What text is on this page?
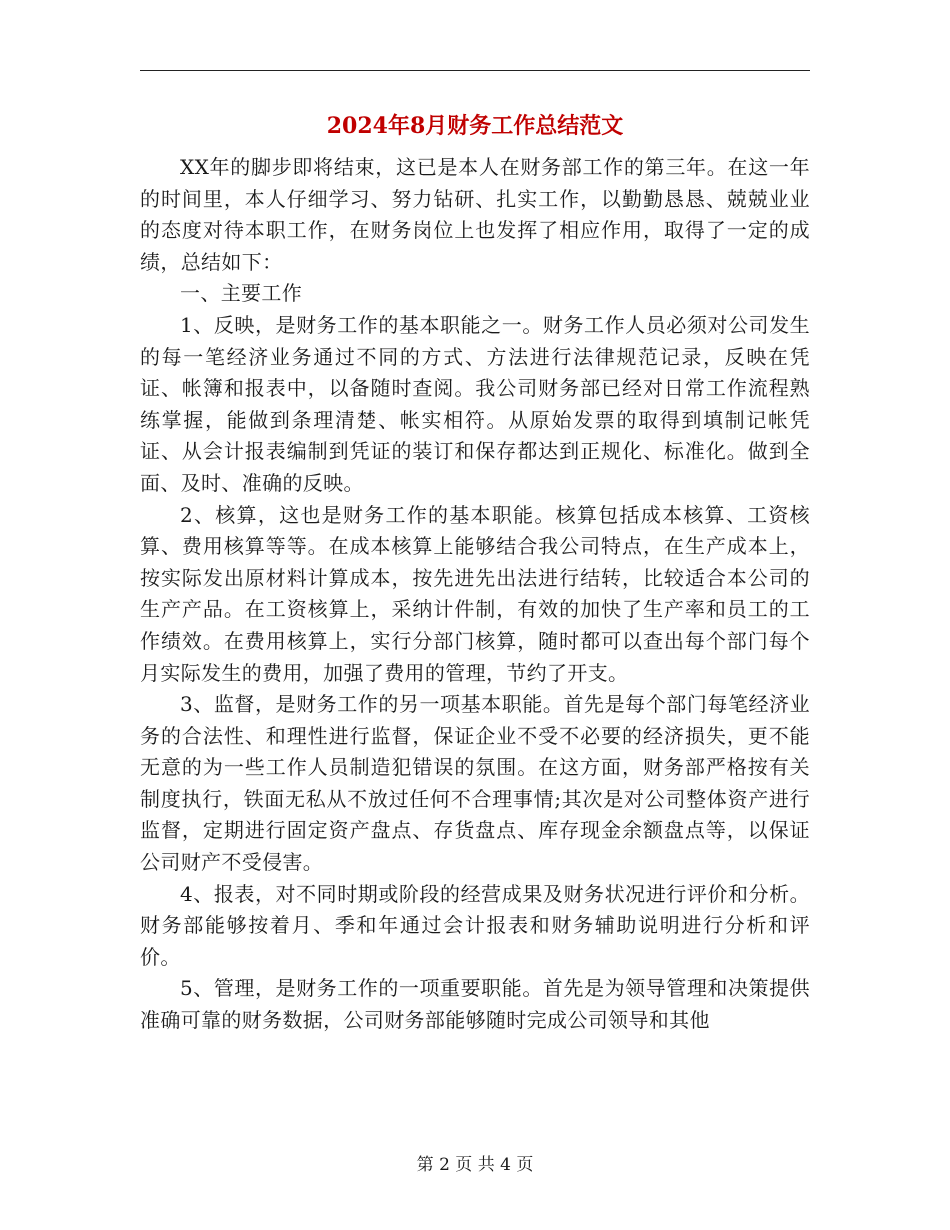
2024年8月财务工作总结范文

XX年的脚步即将结束，这已是本人在财务部工作的第三年。在这一年的时间里，本人仔细学习、努力钻研、扎实工作，以勤勤恳恳、兢兢业业的态度对待本职工作，在财务岗位上也发挥了相应作用，取得了一定的成绩，总结如下：

一、主要工作

1、反映，是财务工作的基本职能之一。财务工作人员必须对公司发生的每一笔经济业务通过不同的方式、方法进行法律规范记录，反映在凭证、帐簿和报表中，以备随时查阅。我公司财务部已经对日常工作流程熟练掌握，能做到条理清楚、帐实相符。从原始发票的取得到填制记帐凭证、从会计报表编制到凭证的装订和保存都达到正规化、标准化。做到全面、及时、准确的反映。

2、核算，这也是财务工作的基本职能。核算包括成本核算、工资核算、费用核算等等。在成本核算上能够结合我公司特点，在生产成本上，按实际发出原材料计算成本，按先进先出法进行结转，比较适合本公司的生产产品。在工资核算上，采纳计件制，有效的加快了生产率和员工的工作绩效。在费用核算上，实行分部门核算，随时都可以查出每个部门每个月实际发生的费用，加强了费用的管理，节约了开支。

3、监督，是财务工作的另一项基本职能。首先是每个部门每笔经济业务的合法性、和理性进行监督，保证企业不受不必要的经济损失，更不能无意的为一些工作人员制造犯错误的氛围。在这方面，财务部严格按有关制度执行，铁面无私从不放过任何不合理事情;其次是对公司整体资产进行监督，定期进行固定资产盘点、存货盘点、库存现金余额盘点等，以保证公司财产不受侵害。

4、报表，对不同时期或阶段的经营成果及财务状况进行评价和分析。财务部能够按着月、季和年通过会计报表和财务辅助说明进行分析和评价。

5、管理，是财务工作的一项重要职能。首先是为领导管理和决策提供准确可靠的财务数据，公司财务部能够随时完成公司领导和其他

第 2 页 共 4 页
